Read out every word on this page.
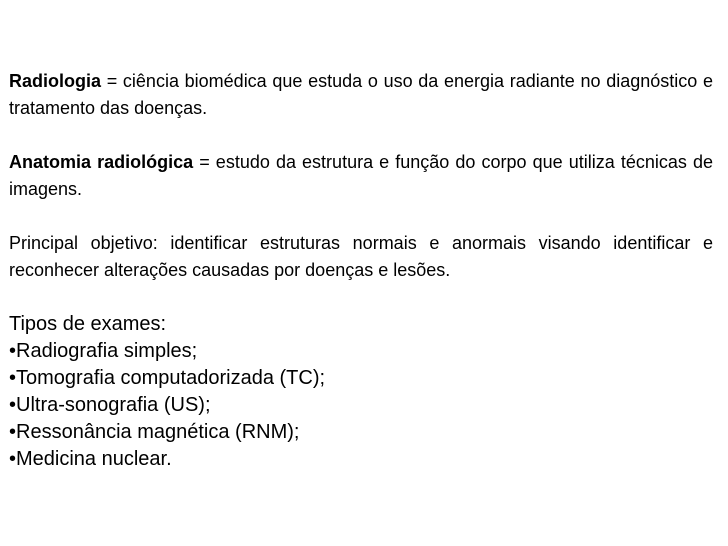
Radiologia = ciência biomédica que estuda o uso da energia radiante no diagnóstico e tratamento das doenças.

Anatomia radiológica = estudo da estrutura e função do corpo que utiliza técnicas de imagens.

Principal objetivo: identificar estruturas normais e anormais visando identificar e reconhecer alterações causadas por doenças e lesões.

Tipos de exames:

•Radiografia simples;
•Tomografia computadorizada (TC);
•Ultra-sonografia (US);
•Ressonância magnética (RNM);
•Medicina nuclear.
